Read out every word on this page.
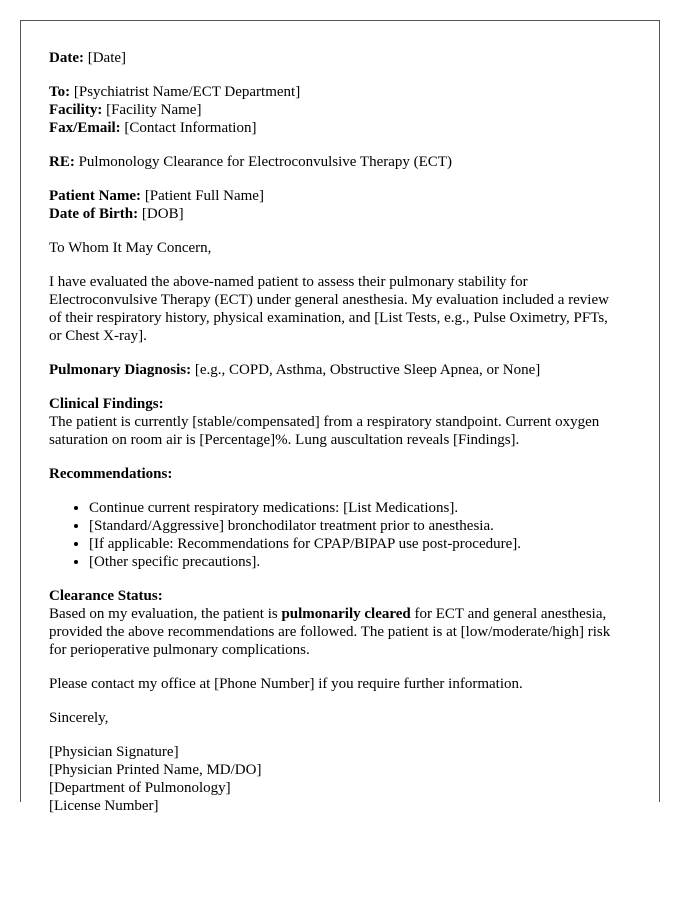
Date: [Date]

To: [Psychiatrist Name/ECT Department]
Facility: [Facility Name]
Fax/Email: [Contact Information]

RE: Pulmonology Clearance for Electroconvulsive Therapy (ECT)

Patient Name: [Patient Full Name]
Date of Birth: [DOB]

To Whom It May Concern,

I have evaluated the above-named patient to assess their pulmonary stability for Electroconvulsive Therapy (ECT) under general anesthesia. My evaluation included a review of their respiratory history, physical examination, and [List Tests, e.g., Pulse Oximetry, PFTs, or Chest X-ray].

Pulmonary Diagnosis: [e.g., COPD, Asthma, Obstructive Sleep Apnea, or None]

Clinical Findings:
The patient is currently [stable/compensated] from a respiratory standpoint. Current oxygen saturation on room air is [Percentage]%. Lung auscultation reveals [Findings].

Recommendations:

• Continue current respiratory medications: [List Medications].
• [Standard/Aggressive] bronchodilator treatment prior to anesthesia.
• [If applicable: Recommendations for CPAP/BIPAP use post-procedure].
• [Other specific precautions].
Clearance Status:
Based on my evaluation, the patient is pulmonarily cleared for ECT and general anesthesia, provided the above recommendations are followed. The patient is at [low/moderate/high] risk for perioperative pulmonary complications.

Please contact my office at [Phone Number] if you require further information.

Sincerely,

[Physician Signature]
[Physician Printed Name, MD/DO]
[Department of Pulmonology]
[License Number]
